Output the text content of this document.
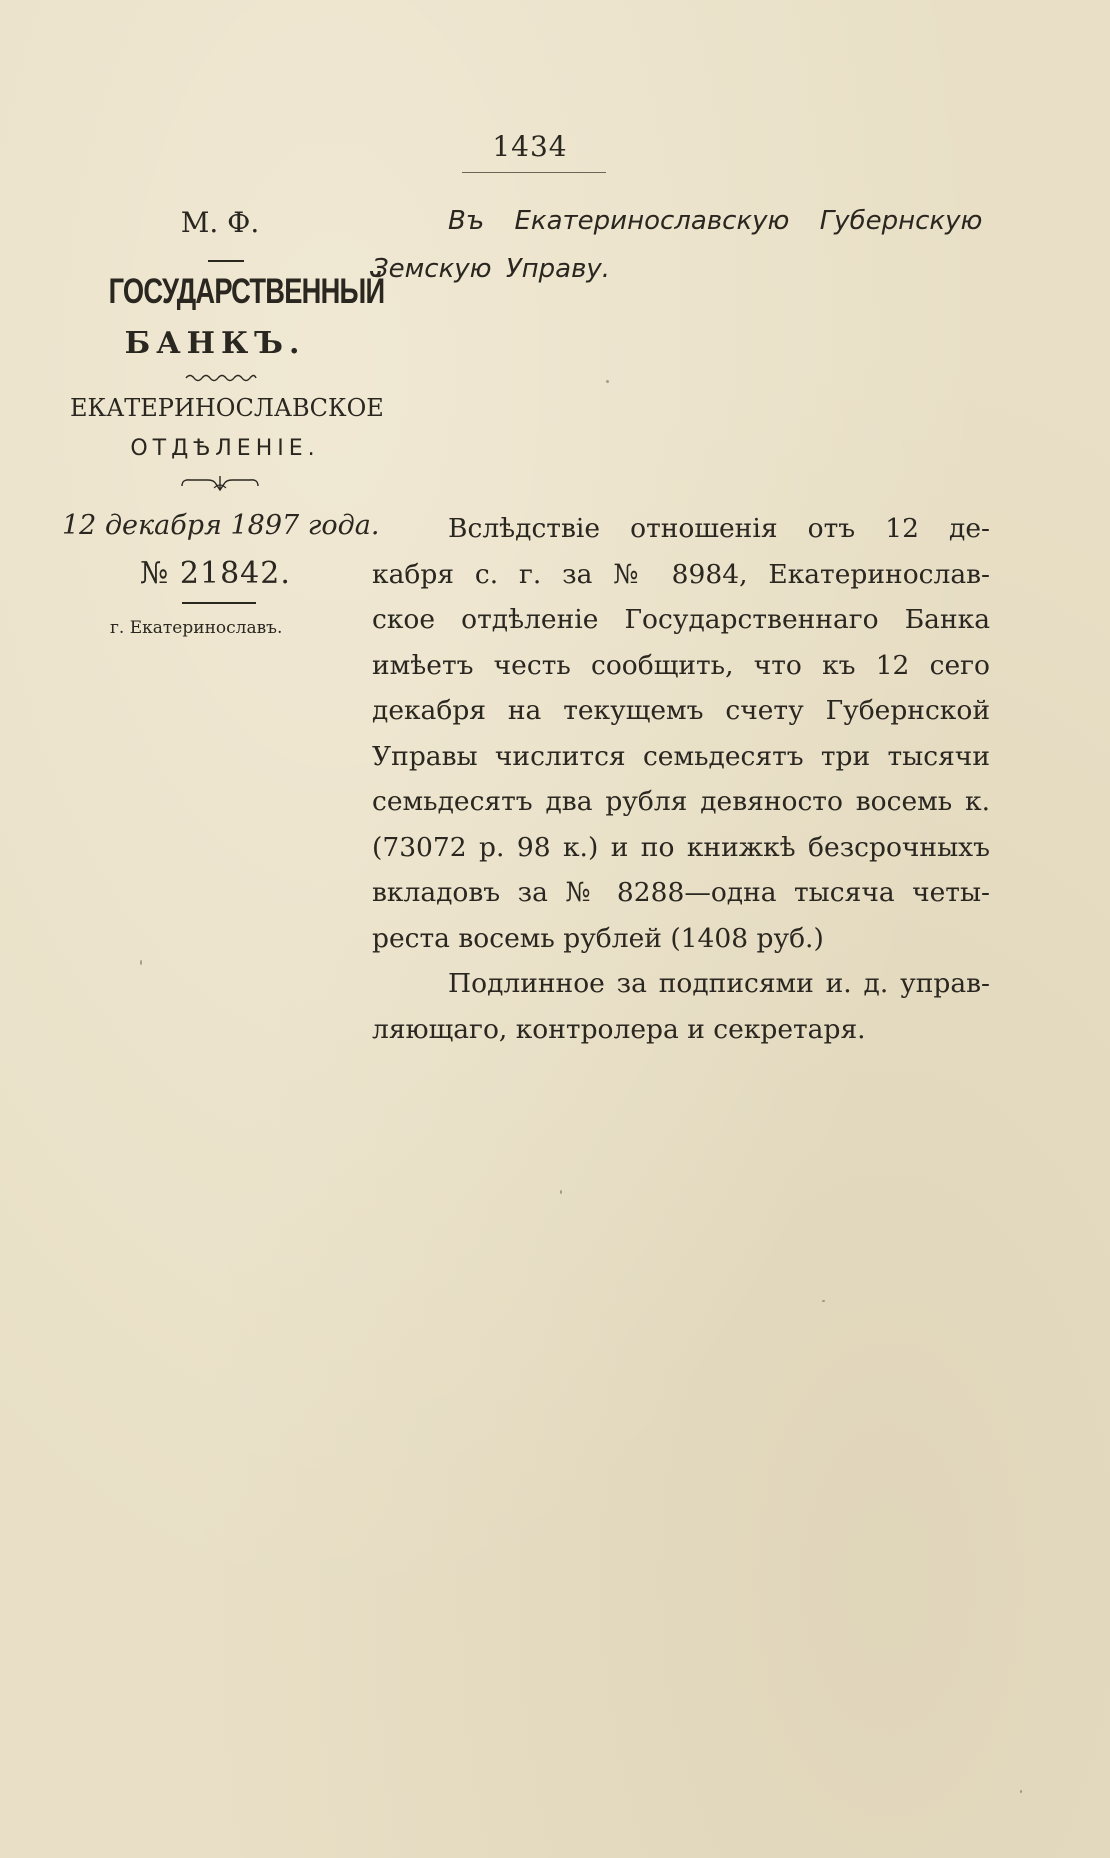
1434
М. Ф.
ГОСУДАРСТВЕННЫЙ
БАНКЪ.
ЕКАТЕРИНОСЛАВСКОЕ
ОТДѢЛЕНІЕ.
12 декабря 1897 года.
№ 21842.
г. Екатеринославъ.
Въ Екатеринославскую Губернскую
Земскую Управу.
Вслѣдствіе отношенія отъ 12 де-
кабря с. г. за № 8984, Екатеринослав-
ское отдѣленіе Государственнаго Банка
имѣетъ честь сообщить, что къ 12 сего
декабря на текущемъ счету Губернской
Управы числится семьдесятъ три тысячи
семьдесятъ два рубля девяносто восемь к.
(73072 р. 98 к.) и по книжкѣ безсрочныхъ
вкладовъ за № 8288—одна тысяча четы-
реста восемь рублей (1408 руб.)
Подлинное за подписями и. д. управ-
ляющаго, контролера и секретаря.
